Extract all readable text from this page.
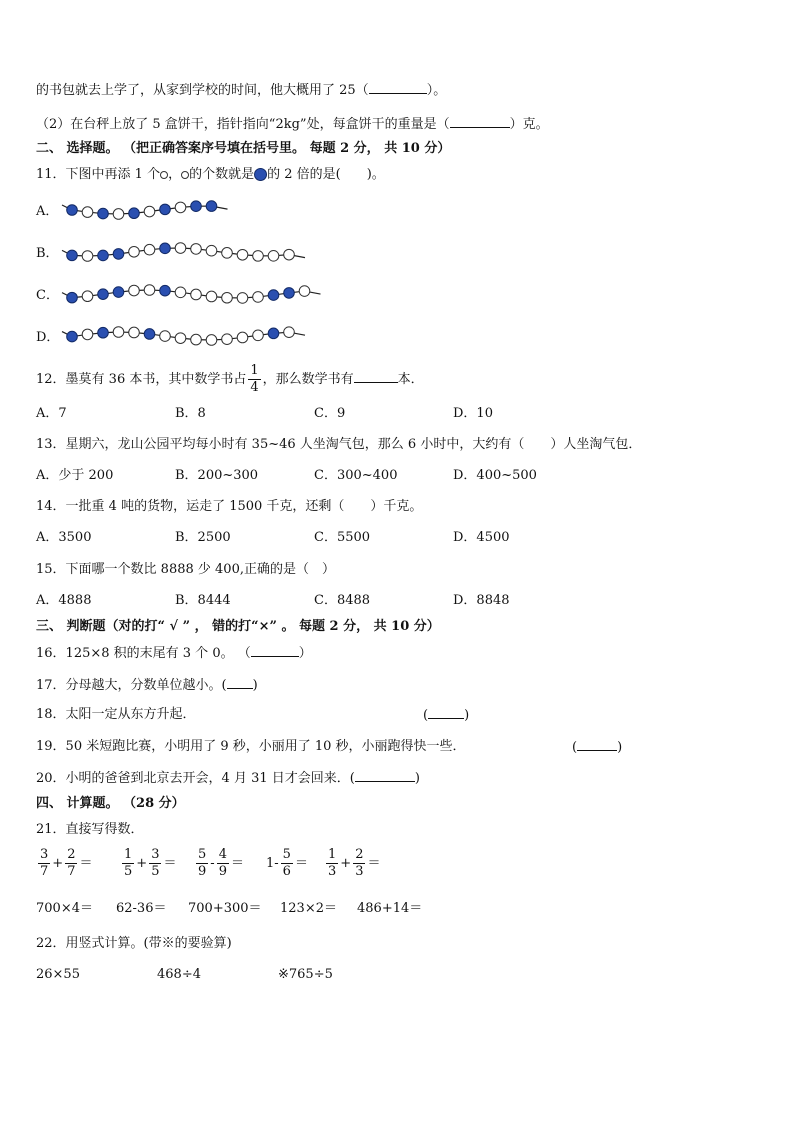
的书包就去上学了，从家到学校的时间，他大概用了 25（	）。
（2）在台秤上放了 5 盒饼干，指针指向“2kg”处，每盒饼干的重量是（	）克。
二、 选择题。 （把正确答案序号填在括号里。 每题 2 分， 共 10 分）
11．下图中再添 1 个 ， 的个数就是 的 2 倍的是(　　)。
A．
B．
C．
D．
12．墨莫有 36 本书，其中数学书占 $\frac{1}{4}$ ，那么数学书有	本．
A．7	B．8	C．9	D．10
13．星期六，龙山公园平均每小时有 35~46 人坐淘气包，那么 6 小时中，大约有（　　）人坐淘气包．
A．少于 200	B．200~300	C．300~400	D．400~500
14．一批重 4 吨的货物，运走了 1500 千克，还剩（　　）千克。
A．3500	B．2500	C．5500	D．4500
15．下面哪一个数比 8888 少 400,正确的是（　）
A．4888	B．8444	C．8488	D．8848
三、 判断题（对的打“ √ ” ， 错的打“×” 。 每题 2 分， 共 10 分）
16．125×8 积的末尾有 3 个 0。 （	）
17．分母越大，分数单位越小。( )
18．太阳一定从东方升起．	(	)
19．50 米短跑比赛，小明用了 9 秒，小丽用了 10 秒，小丽跑得快一些．	(	)
20．小明的爸爸到北京去开会，4 月 31 日才会回来．(	)
四、 计算题。 （28 分）
21．直接写得数．
$\frac{3}{7} + \frac{2}{7} = \frac{1}{5} + \frac{3}{5} = \frac{5}{9} - \frac{4}{9} = 1- \frac{5}{6} = \frac{1}{3} + \frac{2}{3}$ ＝
700×4＝ 62-36＝ 700+300＝ 123×2＝ 486+14＝
22．用竖式计算。(带※的要验算)
26×55	468÷4	※765÷5
